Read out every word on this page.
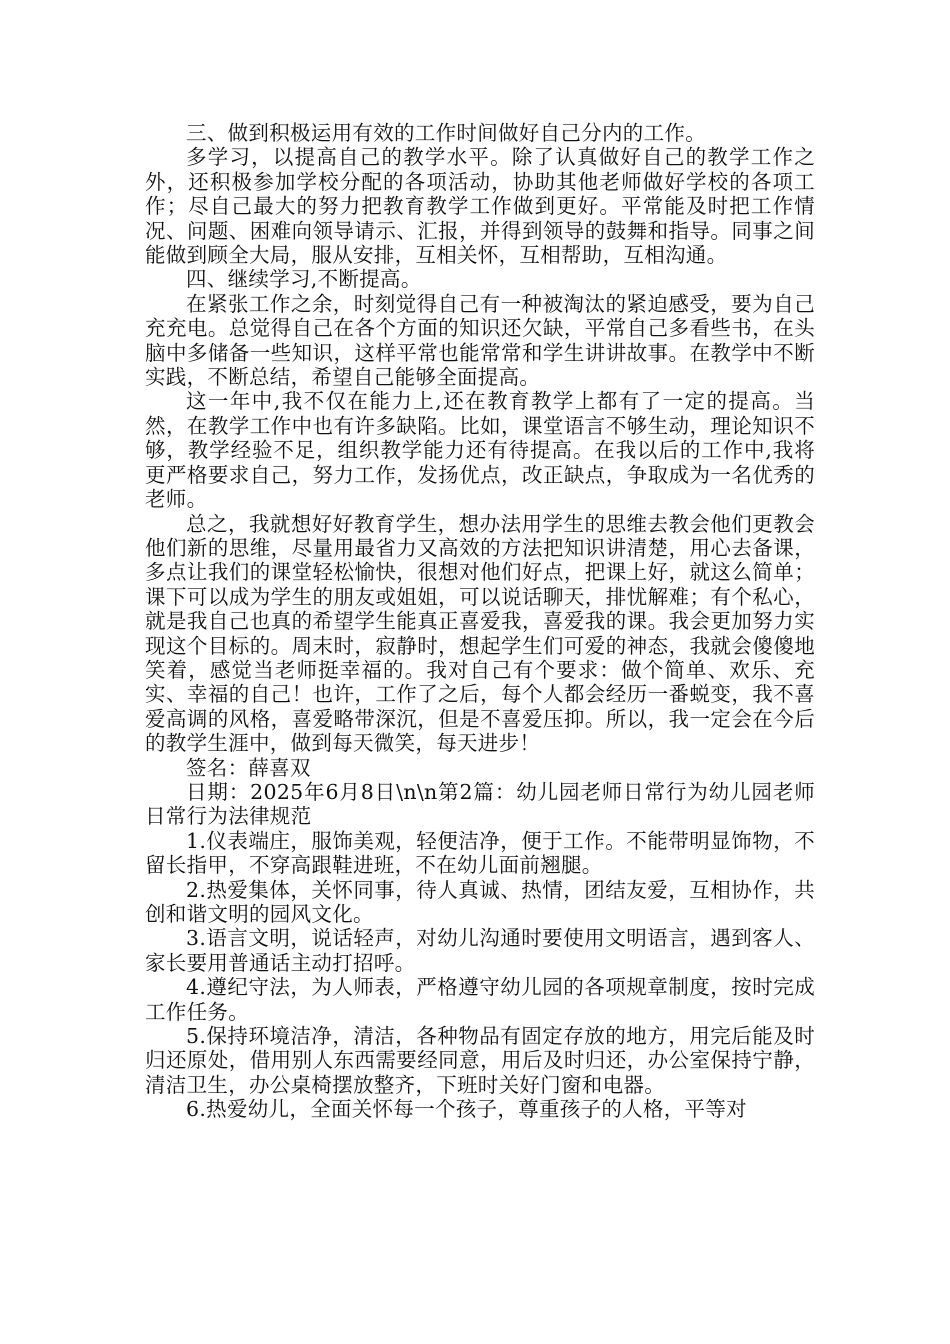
三、做到积极运用有效的工作时间做好自己分内的工作。

多学习，以提高自己的教学水平。除了认真做好自己的教学工作之外，还积极参加学校分配的各项活动，协助其他老师做好学校的各项工作；尽自己最大的努力把教育教学工作做到更好。平常能及时把工作情况、问题、困难向领导请示、汇报，并得到领导的鼓舞和指导。同事之间能做到顾全大局，服从安排，互相关怀，互相帮助，互相沟通。

四、继续学习,不断提高。

在紧张工作之余，时刻觉得自己有一种被淘汰的紧迫感受，要为自己充充电。总觉得自己在各个方面的知识还欠缺，平常自己多看些书，在头脑中多储备一些知识，这样平常也能常常和学生讲讲故事。在教学中不断实践，不断总结，希望自己能够全面提高。

这一年中,我不仅在能力上,还在教育教学上都有了一定的提高。当然，在教学工作中也有许多缺陷。比如，课堂语言不够生动，理论知识不够，教学经验不足，组织教学能力还有待提高。在我以后的工作中,我将更严格要求自己，努力工作，发扬优点，改正缺点，争取成为一名优秀的老师。

总之，我就想好好教育学生，想办法用学生的思维去教会他们更教会他们新的思维，尽量用最省力又高效的方法把知识讲清楚，用心去备课，多点让我们的课堂轻松愉快，很想对他们好点，把课上好，就这么简单；课下可以成为学生的朋友或姐姐，可以说话聊天，排忧解难；有个私心，就是我自己也真的希望学生能真正喜爱我，喜爱我的课。我会更加努力实现这个目标的。周末时，寂静时，想起学生们可爱的神态，我就会傻傻地笑着，感觉当老师挺幸福的。我对自己有个要求：做个简单、欢乐、充实、幸福的自己！也许，工作了之后，每个人都会经历一番蜕变，我不喜爱高调的风格，喜爱略带深沉，但是不喜爱压抑。所以，我一定会在今后的教学生涯中，做到每天微笑，每天进步！

签名：薛喜双

日期：2025年6月8日\n\n第2篇：幼儿园老师日常行为幼儿园老师日常行为法律规范

1.仪表端庄，服饰美观，轻便洁净，便于工作。不能带明显饰物，不留长指甲，不穿高跟鞋进班，不在幼儿面前翘腿。

2.热爱集体，关怀同事，待人真诚、热情，团结友爱，互相协作，共创和谐文明的园风文化。

3.语言文明，说话轻声，对幼儿沟通时要使用文明语言，遇到客人、家长要用普通话主动打招呼。

4.遵纪守法，为人师表，严格遵守幼儿园的各项规章制度，按时完成工作任务。

5.保持环境洁净，清洁，各种物品有固定存放的地方，用完后能及时归还原处，借用别人东西需要经同意，用后及时归还，办公室保持宁静，清洁卫生，办公桌椅摆放整齐，下班时关好门窗和电器。

6.热爱幼儿，全面关怀每一个孩子，尊重孩子的人格，平等对
